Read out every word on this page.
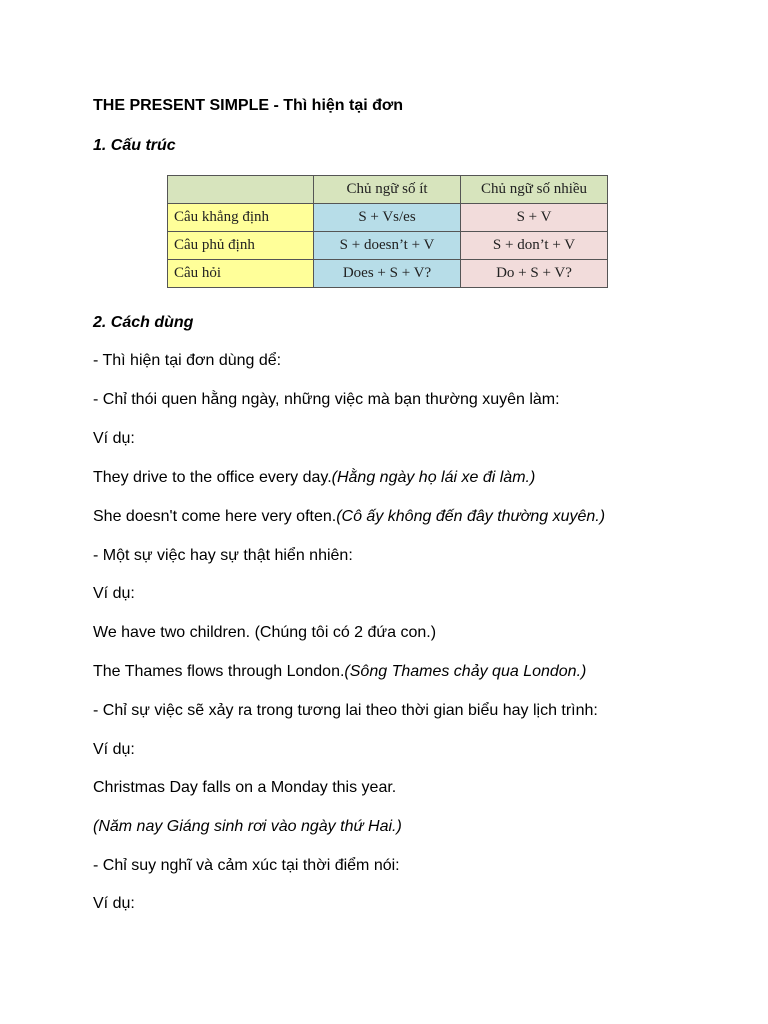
THE PRESENT SIMPLE - Thì hiện tại đơn
1. Cấu trúc
	Chủ ngữ số ít	Chủ ngữ số nhiều
Câu khẳng định	S + Vs/es	S + V
Câu phủ định	S + doesn’t + V	S + don’t + V
Câu hỏi	Does + S + V?	Do + S + V?
2. Cách dùng
- Thì hiện tại đơn dùng dể:
- Chỉ thói quen hằng ngày, những việc mà bạn thường xuyên làm:
Ví dụ:
They drive to the office every day.(Hằng ngày họ lái xe đi làm.)
She doesn't come here very often.(Cô ấy không đến đây thường xuyên.)
- Một sự việc hay sự thật hiển nhiên:
Ví dụ:
We have two children. (Chúng tôi có 2 đứa con.)
The Thames flows through London.(Sông Thames chảy qua London.)
- Chỉ sự việc sẽ xảy ra trong tương lai theo thời gian biểu hay lịch trình:
Ví dụ:
Christmas Day falls on a Monday this year.
(Năm nay Giáng sinh rơi vào ngày thứ Hai.)
- Chỉ suy nghĩ và cảm xúc tại thời điểm nói:
Ví dụ:
